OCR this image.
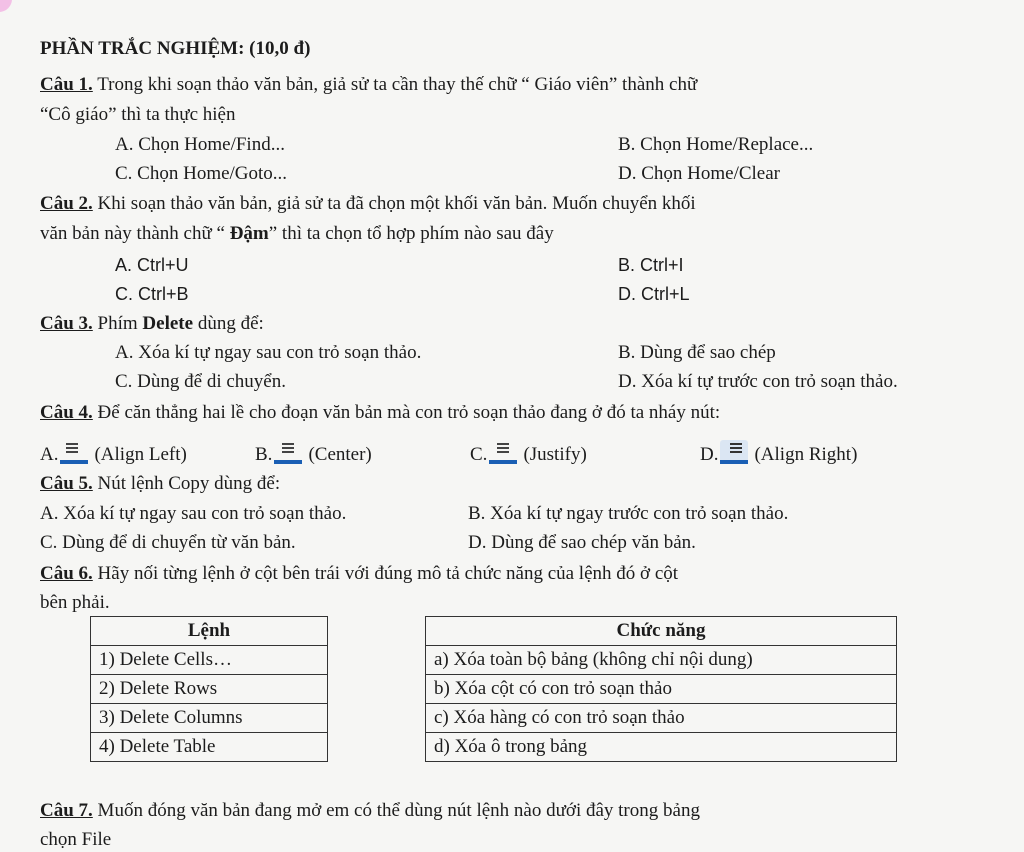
PHẦN TRẮC NGHIỆM: (10,0 đ)
Câu 1. Trong khi soạn thảo văn bản, giả sử ta cần thay thế chữ “ Giáo viên” thành chữ
“Cô giáo” thì ta thực hiện
A. Chọn Home/Find...	B. Chọn Home/Replace...
C. Chọn Home/Goto...	D. Chọn Home/Clear
Câu 2. Khi soạn thảo văn bản, giả sử ta đã chọn một khối văn bản. Muốn chuyển khối
văn bản này thành chữ “ Đậm” thì ta chọn tổ hợp phím nào sau đây
A. Ctrl+U	B. Ctrl+I
C. Ctrl+B	D. Ctrl+L
Câu 3. Phím Delete dùng để:
A. Xóa kí tự ngay sau con trỏ soạn thảo.	B. Dùng để sao chép
C. Dùng để di chuyển.	D. Xóa kí tự trước con trỏ soạn thảo.
Câu 4. Để căn thẳng hai lề cho đoạn văn bản mà con trỏ soạn thảo đang ở đó ta nháy nút:
A. (Align Left)	B. (Center)	C. (Justify)	D. (Align Right)
Câu 5. Nút lệnh Copy dùng để:
A. Xóa kí tự ngay sau con trỏ soạn thảo.	B. Xóa kí tự ngay trước con trỏ soạn thảo.
C. Dùng để di chuyển từ văn bản.	D. Dùng để sao chép văn bản.
Câu 6. Hãy nối từng lệnh ở cột bên trái với đúng mô tả chức năng của lệnh đó ở cột
bên phải.
Lệnh
1) Delete Cells…
2) Delete Rows
3) Delete Columns
4) Delete Table
Chức năng
a) Xóa toàn bộ bảng (không chỉ nội dung)
b) Xóa cột có con trỏ soạn thảo
c) Xóa hàng có con trỏ soạn thảo
d) Xóa ô trong bảng
Câu 7. Muốn đóng văn bản đang mở em có thể dùng nút lệnh nào dưới đây trong bảng
chọn File
